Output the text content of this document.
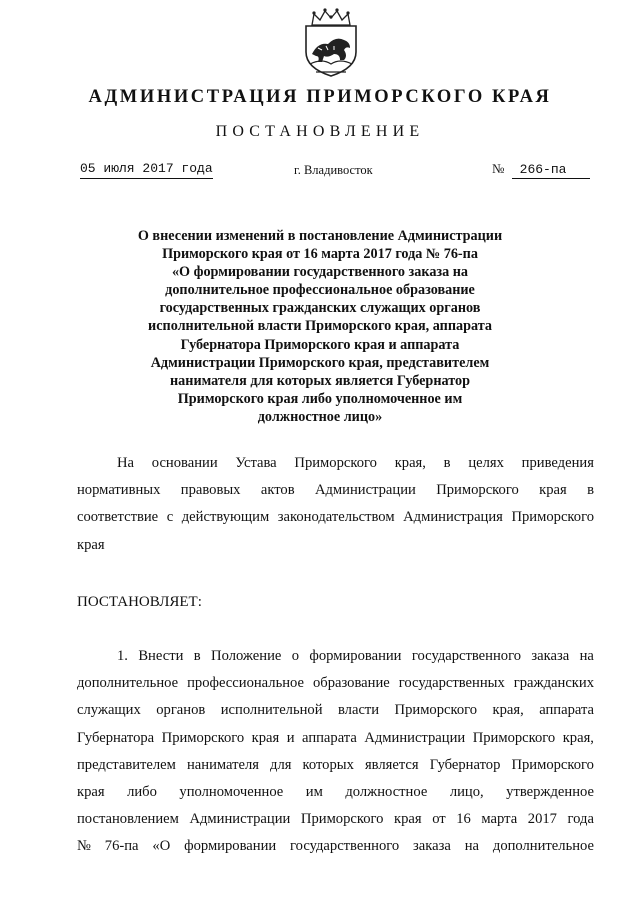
АДМИНИСТРАЦИЯ ПРИМОРСКОГО КРАЯ
ПОСТАНОВЛЕНИЕ
05 июля 2017 года	г. Владивосток	№ 266-па
О внесении изменений в постановление Администрации
Приморского края от 16 марта 2017 года № 76-па
«О формировании государственного заказа на
дополнительное профессиональное образование
государственных гражданских служащих органов
исполнительной власти Приморского края, аппарата
Губернатора Приморского края и аппарата
Администрации Приморского края, представителем
нанимателя для которых является Губернатор
Приморского края либо уполномоченное им
должностное лицо»
На основании Устава Приморского края, в целях приведения
нормативных правовых актов Администрации Приморского края в
соответствие с действующим законодательством Администрация Приморского
края
ПОСТАНОВЛЯЕТ:
1. Внести в Положение о формировании государственного заказа на
дополнительное профессиональное образование государственных гражданских
служащих органов исполнительной власти Приморского края, аппарата
Губернатора Приморского края и аппарата Администрации Приморского края,
представителем нанимателя для которых является Губернатор Приморского
края либо уполномоченное им должностное лицо, утвержденное
постановлением Администрации Приморского края от 16 марта 2017 года
№ 76-па «О формировании государственного заказа на дополнительное
